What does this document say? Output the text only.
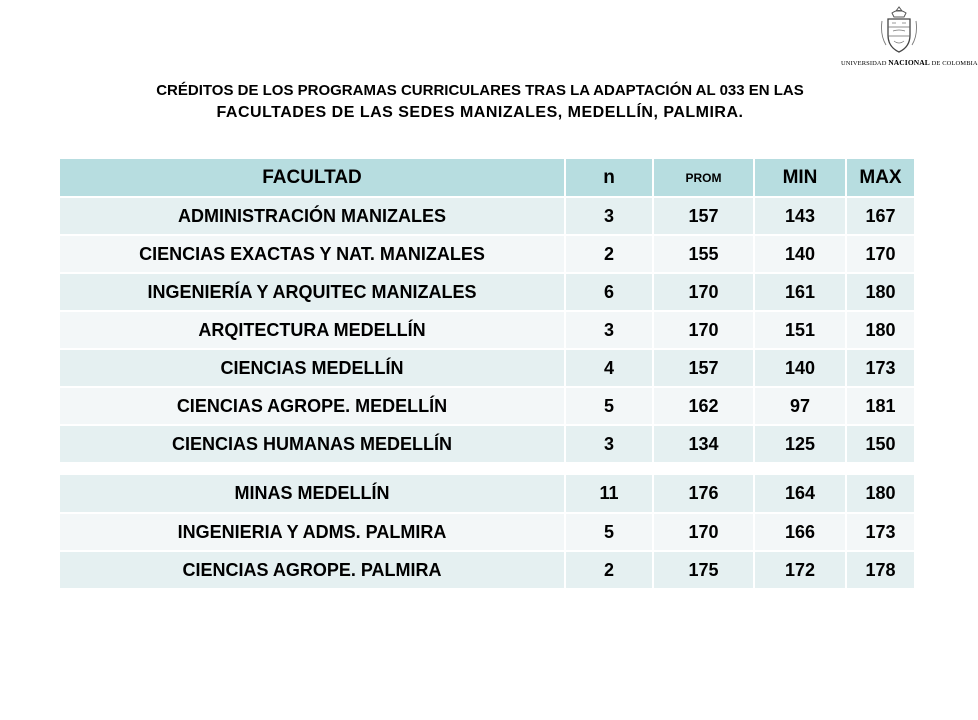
UNIVERSIDAD NACIONAL DE COLOMBIA
CRÉDITOS DE LOS PROGRAMAS CURRICULARES TRAS LA ADAPTACIÓN AL 033 EN LAS
FACULTADES DE LAS SEDES MANIZALES, MEDELLÍN, PALMIRA.
FACULTAD	n	PROM	MIN	MAX
ADMINISTRACIÓN MANIZALES	3	157	143	167
CIENCIAS EXACTAS Y NAT. MANIZALES	2	155	140	170
INGENIERÍA Y ARQUITEC MANIZALES	6	170	161	180
ARQITECTURA MEDELLÍN	3	170	151	180
CIENCIAS MEDELLÍN	4	157	140	173
CIENCIAS AGROPE. MEDELLÍN	5	162	97	181
CIENCIAS HUMANAS MEDELLÍN	3	134	125	150
MINAS MEDELLÍN	11	176	164	180
INGENIERIA Y ADMS. PALMIRA	5	170	166	173
CIENCIAS AGROPE. PALMIRA	2	175	172	178
